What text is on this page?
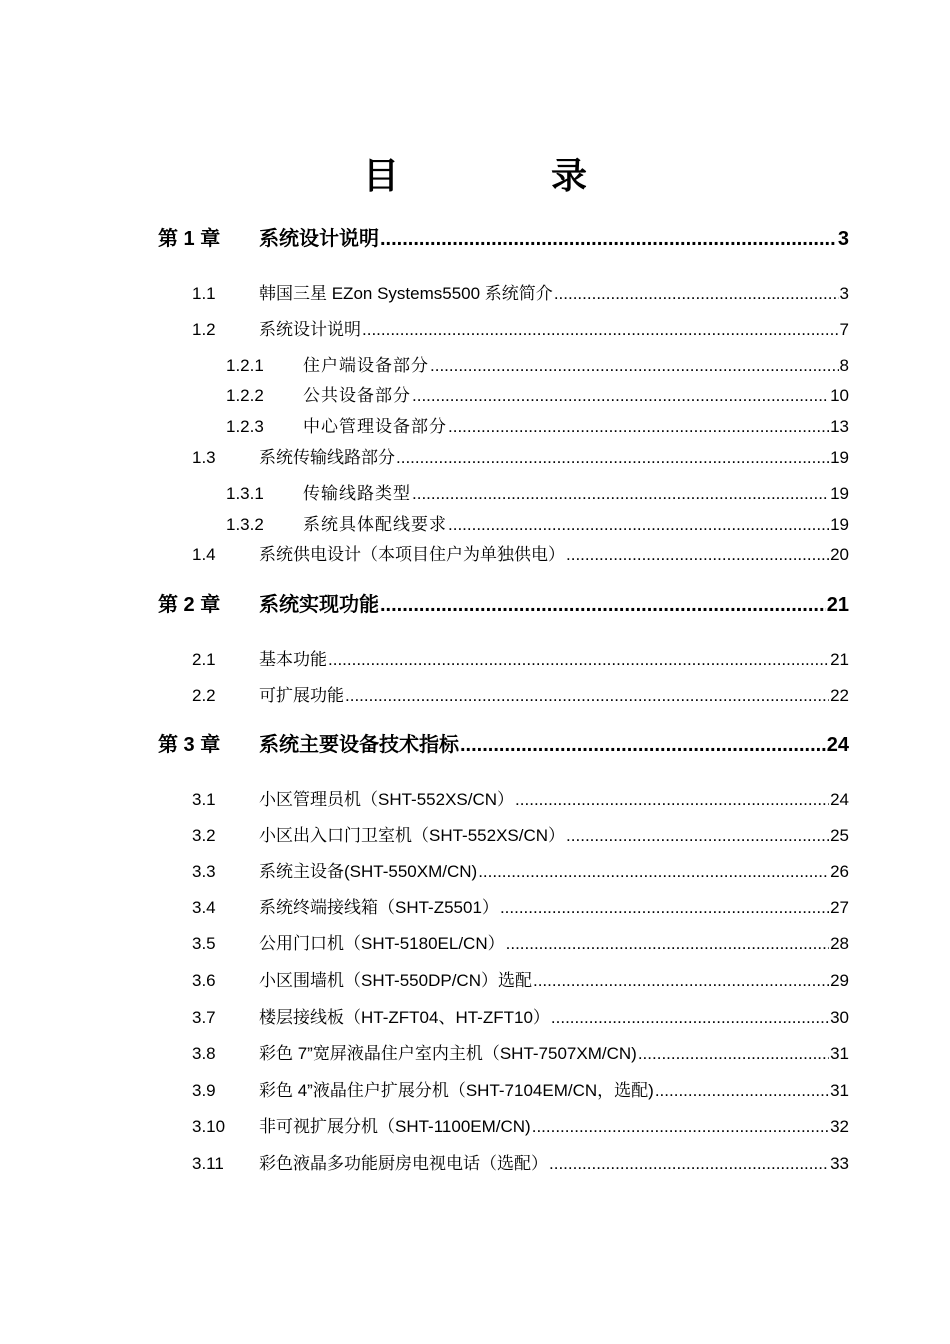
目　录
第 1 章 系统设计说明 .....	3
1.1	韩国三星 EZon Systems5500 系统简介 .....	3
1.2	系统设计说明 .....	7
1.2.1 住户端设备部分 .....	8
1.2.2 公共设备部分 .....	10
1.2.3 中心管理设备部分 .....	13
1.3	系统传输线路部分 .....	19
1.3.1 传输线路类型 .....	19
1.3.2 系统具体配线要求 .....	19
1.4	系统供电设计（本项目住户为单独供电） .....	20
第 2 章 系统实现功能 .....	21
2.1	基本功能 .....	21
2.2	可扩展功能 .....	22
第 3 章 系统主要设备技术指标 .....	24
3.1	小区管理员机（SHT-552XS/CN） .....	24
3.2	小区出入口门卫室机（SHT-552XS/CN） .....	25
3.3	系统主设备(SHT-550XM/CN) .....	26
3.4	系统终端接线箱（SHT-Z5501） .....	27
3.5	公用门口机（SHT-5180EL/CN） .....	28
3.6	小区围墙机（SHT-550DP/CN）选配 .....	29
3.7	楼层接线板（HT-ZFT04、HT-ZFT10） .....	30
3.8	彩色 7”宽屏液晶住户室内主机（SHT-7507XM/CN) .....	31
3.9	彩色 4”液晶住户扩展分机（SHT-7104EM/CN，选配) .....	31
3.10 非可视扩展分机（SHT-1100EM/CN) .....	32
3.11 彩色液晶多功能厨房电视电话（选配） .....	33
